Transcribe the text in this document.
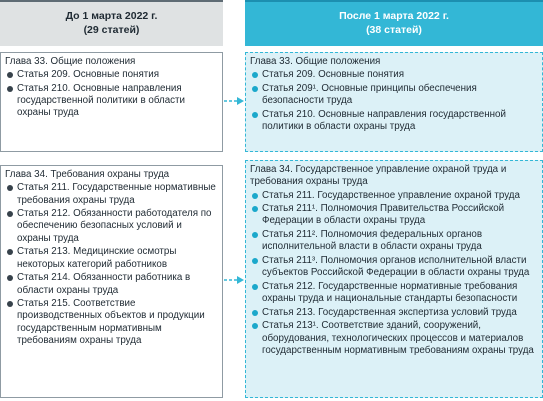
До 1 марта 2022 г.
(29 статей)
После 1 марта 2022 г.
(38 статей)
Глава 33. Общие положения
Статья 209. Основные понятия
Статья 210. Основные направления государственной политики в области охраны труда
Глава 33. Общие положения
Статья 209. Основные понятия
Статья 209¹. Основные принципы обеспечения безопасности труда
Статья 210. Основные направления государственной политики в области охраны труда
Глава 34. Требования охраны труда
Статья 211. Государственные нормативные требования охраны труда
Статья 212. Обязанности работодателя по обеспечению безопасных условий и охраны труда
Статья 213. Медицинские осмотры некоторых категорий работников
Статья 214. Обязанности работника в области охраны труда
Статья 215. Соответствие производственных объектов и продукции государственным нормативным требованиям охраны труда
Глава 34. Государственное управление охраной труда и требования охраны труда
Статья 211. Государственное управление охраной труда
Статья 211¹. Полномочия Правительства Российской Федерации в области охраны труда
Статья 211². Полномочия федеральных органов исполнительной власти в области охраны труда
Статья 211³. Полномочия органов исполнительной власти субъектов Российской Федерации в области охраны труда
Статья 212. Государственные нормативные требования охраны труда и национальные стандарты безопасности
Статья 213. Государственная экспертиза условий труда
Статья 213¹. Соответствие зданий, сооружений, оборудования, технологических процессов и материалов государственным нормативным требованиям охраны труда
